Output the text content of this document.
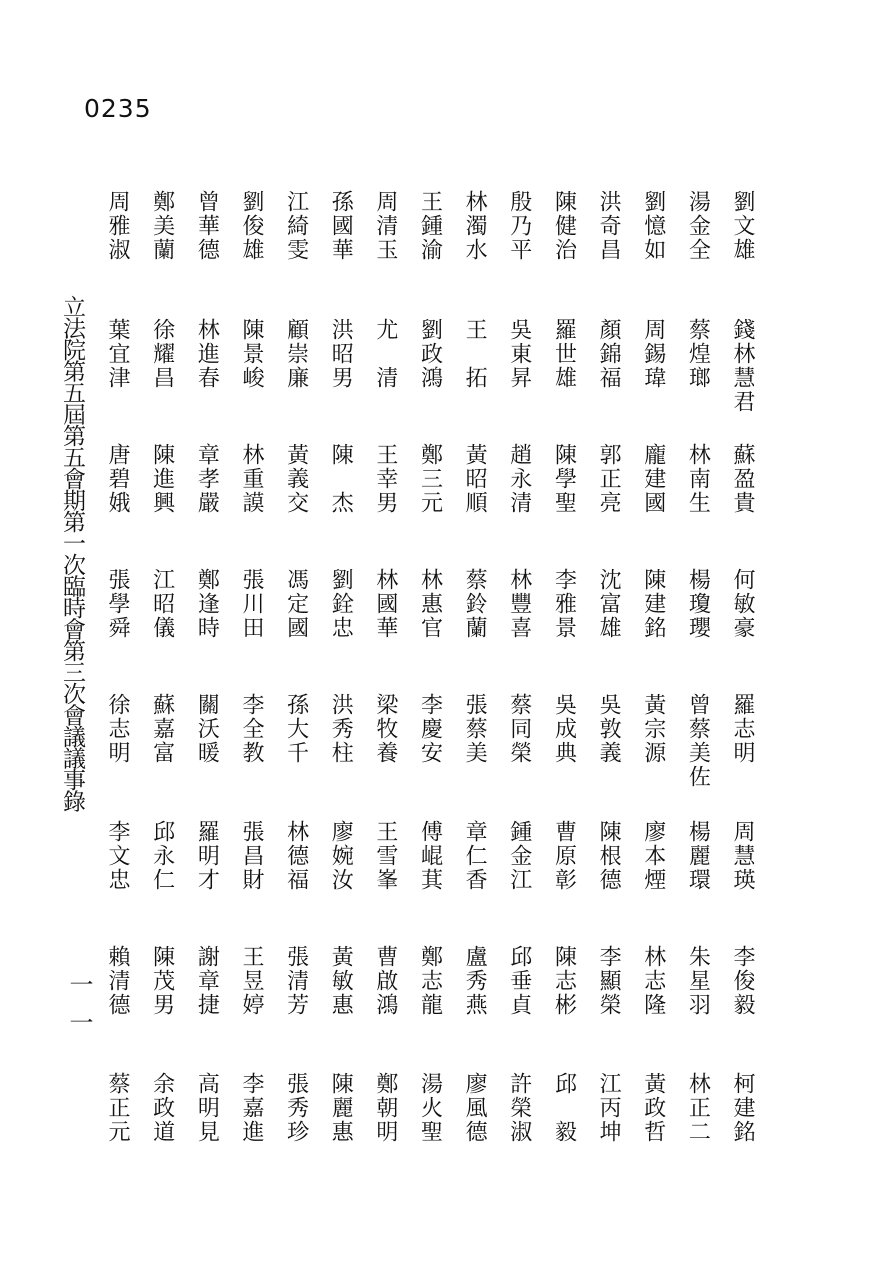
0235
立法院第五屆第五會期第一次臨時會第三次會議議事錄
一一
劉文雄
錢林慧君
蘇盈貴
何敏豪
羅志明
周慧瑛
李俊毅
柯建銘
湯金全
蔡煌瑯
林南生
楊瓊瓔
曾蔡美佐
楊麗環
朱星羽
林正二
劉憶如
周錫瑋
龐建國
陳建銘
黃宗源
廖本煙
林志隆
黃政哲
洪奇昌
顏錦福
郭正亮
沈富雄
吳敦義
陳根德
李顯榮
江丙坤
陳健治
羅世雄
陳學聖
李雅景
吳成典
曹原彰
陳志彬
邱　毅
殷乃平
吳東昇
趙永清
林豐喜
蔡同榮
鍾金江
邱垂貞
許榮淑
林濁水
王　拓
黃昭順
蔡鈴蘭
張蔡美
章仁香
盧秀燕
廖風德
王鍾渝
劉政鴻
鄭三元
林惠官
李慶安
傅崐萁
鄭志龍
湯火聖
周清玉
尤　清
王幸男
林國華
梁牧養
王雪峯
曹啟鴻
鄭朝明
孫國華
洪昭男
陳　杰
劉銓忠
洪秀柱
廖婉汝
黃敏惠
陳麗惠
江綺雯
顧崇廉
黃義交
馮定國
孫大千
林德福
張清芳
張秀珍
劉俊雄
陳景峻
林重謨
張川田
李全教
張昌財
王昱婷
李嘉進
曾華德
林進春
章孝嚴
鄭逢時
關沃暖
羅明才
謝章捷
高明見
鄭美蘭
徐耀昌
陳進興
江昭儀
蘇嘉富
邱永仁
陳茂男
余政道
周雅淑
葉宜津
唐碧娥
張學舜
徐志明
李文忠
賴清德
蔡正元
